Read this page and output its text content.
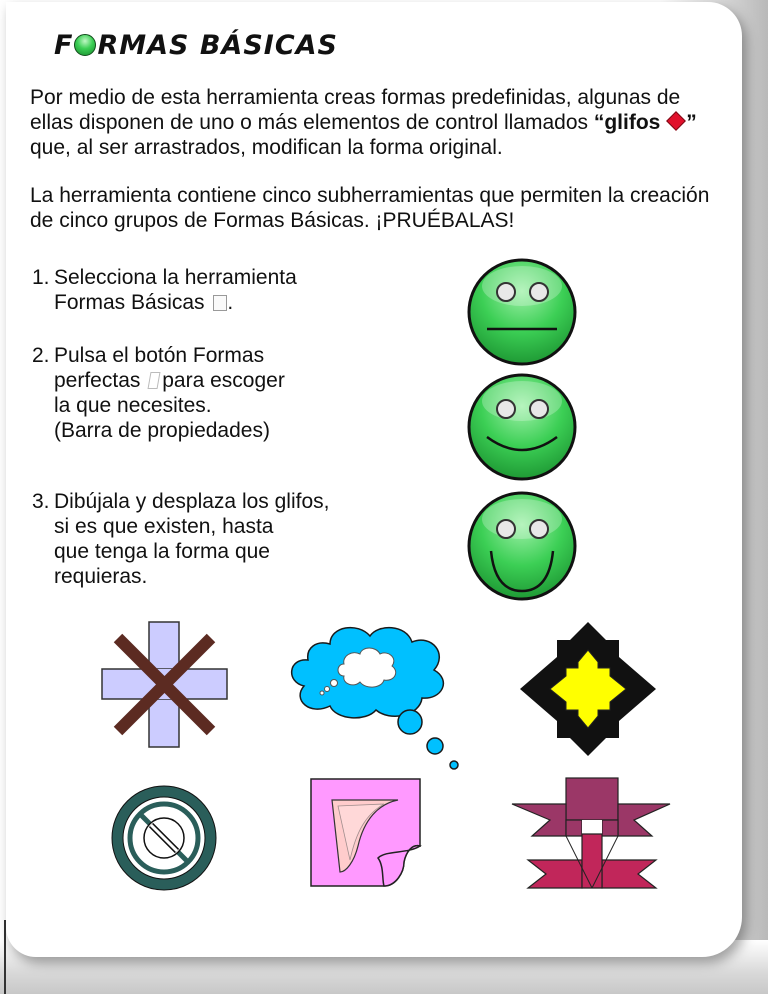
F RMAS BÁSICAS

Por medio de esta herramienta creas formas predefinidas, algunas de ellas disponen de uno o más elementos de control llamados “glifos ” que, al ser arrastrados, modifican la forma original.

La herramienta contiene cinco subherramientas que permiten la creación de cinco grupos de Formas Básicas. ¡PRUÉBALAS!

1. Selecciona la herramienta
Formas Básicas .
2. Pulsa el botón Formas
perfectas para escoger
la que necesites.
(Barra de propiedades)
3. Dibújala y desplaza los glifos,
si es que existen, hasta
que tenga la forma que
requieras.
